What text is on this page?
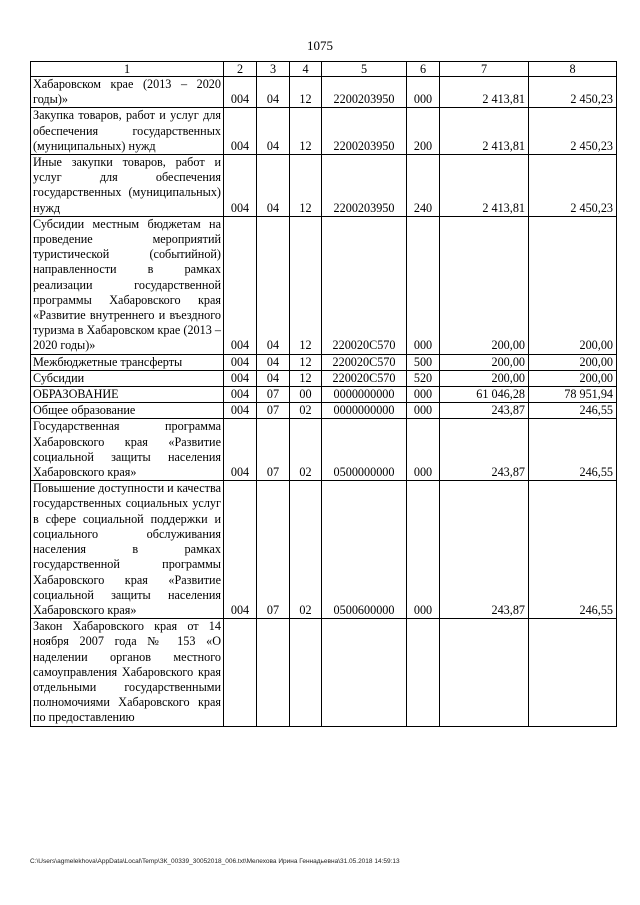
1075
1	2	3	4	5	6	7	8
Хабаровском крае (2013 – 2020 годы)»	004	04	12	2200203950	000	2 413,81	2 450,23
Закупка товаров, работ и услуг для обеспечения государственных (муниципальных) нужд	004	04	12	2200203950	200	2 413,81	2 450,23
Иные закупки товаров, работ и услуг для обеспечения государственных (муниципальных) нужд	004	04	12	2200203950	240	2 413,81	2 450,23
Субсидии местным бюджетам на проведение мероприятий туристической (событийной) направленности в рамках реализации государственной программы Хабаровского края «Развитие внутреннего и въездного туризма в Хабаровском крае (2013 – 2020 годы)»	004	04	12	220020С570	000	200,00	200,00
Межбюджетные трансферты	004	04	12	220020С570	500	200,00	200,00
Субсидии	004	04	12	220020С570	520	200,00	200,00
ОБРАЗОВАНИЕ	004	07	00	0000000000	000	61 046,28	78 951,94
Общее образование	004	07	02	0000000000	000	243,87	246,55
Государственная программа Хабаровского края «Развитие социальной защиты населения Хабаровского края»	004	07	02	0500000000	000	243,87	246,55
Повышение доступности и качества государственных социальных услуг в сфере социальной поддержки и социального обслуживания населения в рамках государственной программы Хабаровского края «Развитие социальной защиты населения Хабаровского края»	004	07	02	0500600000	000	243,87	246,55
Закон Хабаровского края от 14 ноября 2007 года № 153 «О наделении органов местного самоуправления Хабаровского края отдельными государственными полномочиями Хабаровского края по предоставлению							
C:\Users\agmelekhova\AppData\Local\Temp\ЗК_00339_30052018_006.txt\Мелехова Ирина Геннадьевна\31.05.2018 14:59:13
